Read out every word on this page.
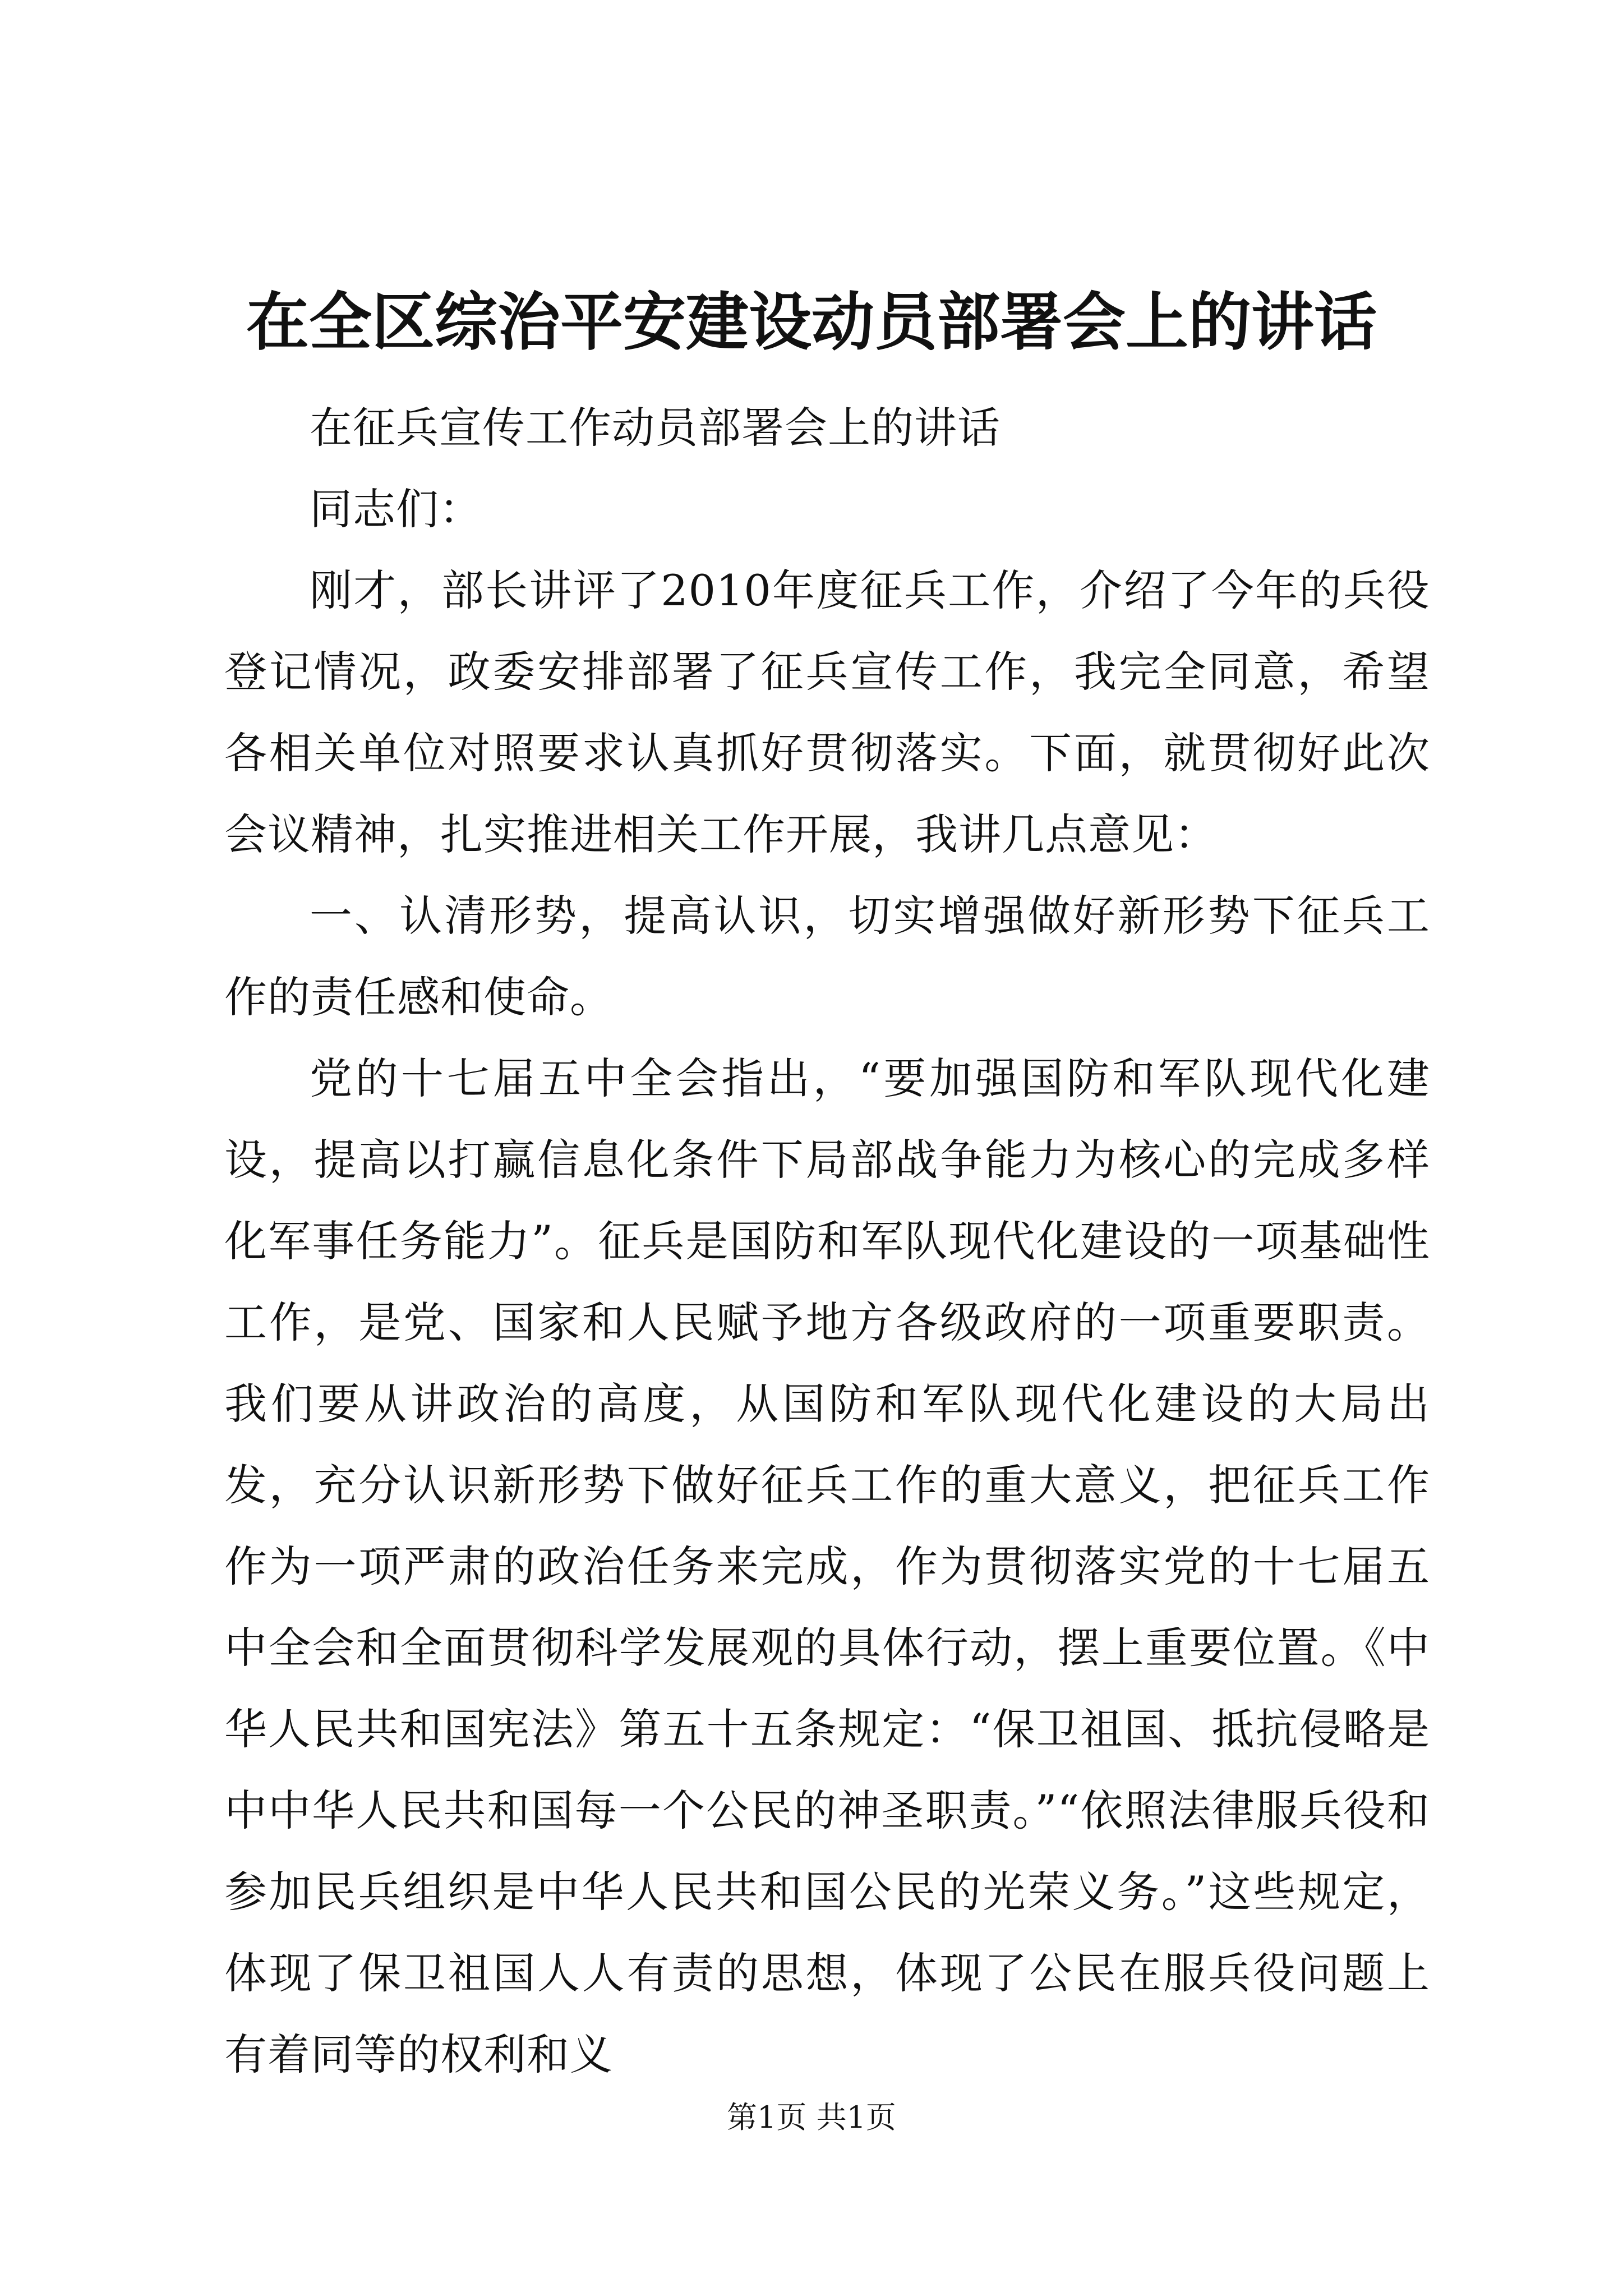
在全区综治平安建设动员部署会上的讲话

在征兵宣传工作动员部署会上的讲话

同志们：

刚才，部长讲评了2010年度征兵工作，介绍了今年的兵役登记情况，政委安排部署了征兵宣传工作，我完全同意，希望各相关单位对照要求认真抓好贯彻落实。下面，就贯彻好此次会议精神，扎实推进相关工作开展，我讲几点意见：

一、认清形势，提高认识，切实增强做好新形势下征兵工作的责任感和使命。

党的十七届五中全会指出，“要加强国防和军队现代化建设，提高以打赢信息化条件下局部战争能力为核心的完成多样化军事任务能力”。征兵是国防和军队现代化建设的一项基础性工作，是党、国家和人民赋予地方各级政府的一项重要职责。我们要从讲政治的高度，从国防和军队现代化建设的大局出发，充分认识新形势下做好征兵工作的重大意义，把征兵工作作为一项严肃的政治任务来完成，作为贯彻落实党的十七届五中全会和全面贯彻科学发展观的具体行动，摆上重要位置。《中华人民共和国宪法》第五十五条规定：“保卫祖国、抵抗侵略是中中华人民共和国每一个公民的神圣职责。”“依照法律服兵役和参加民兵组织是中华人民共和国公民的光荣义务。”这些规定，体现了保卫祖国人人有责的思想，体现了公民在服兵役问题上有着同等的权利和义

第1页 共1页
